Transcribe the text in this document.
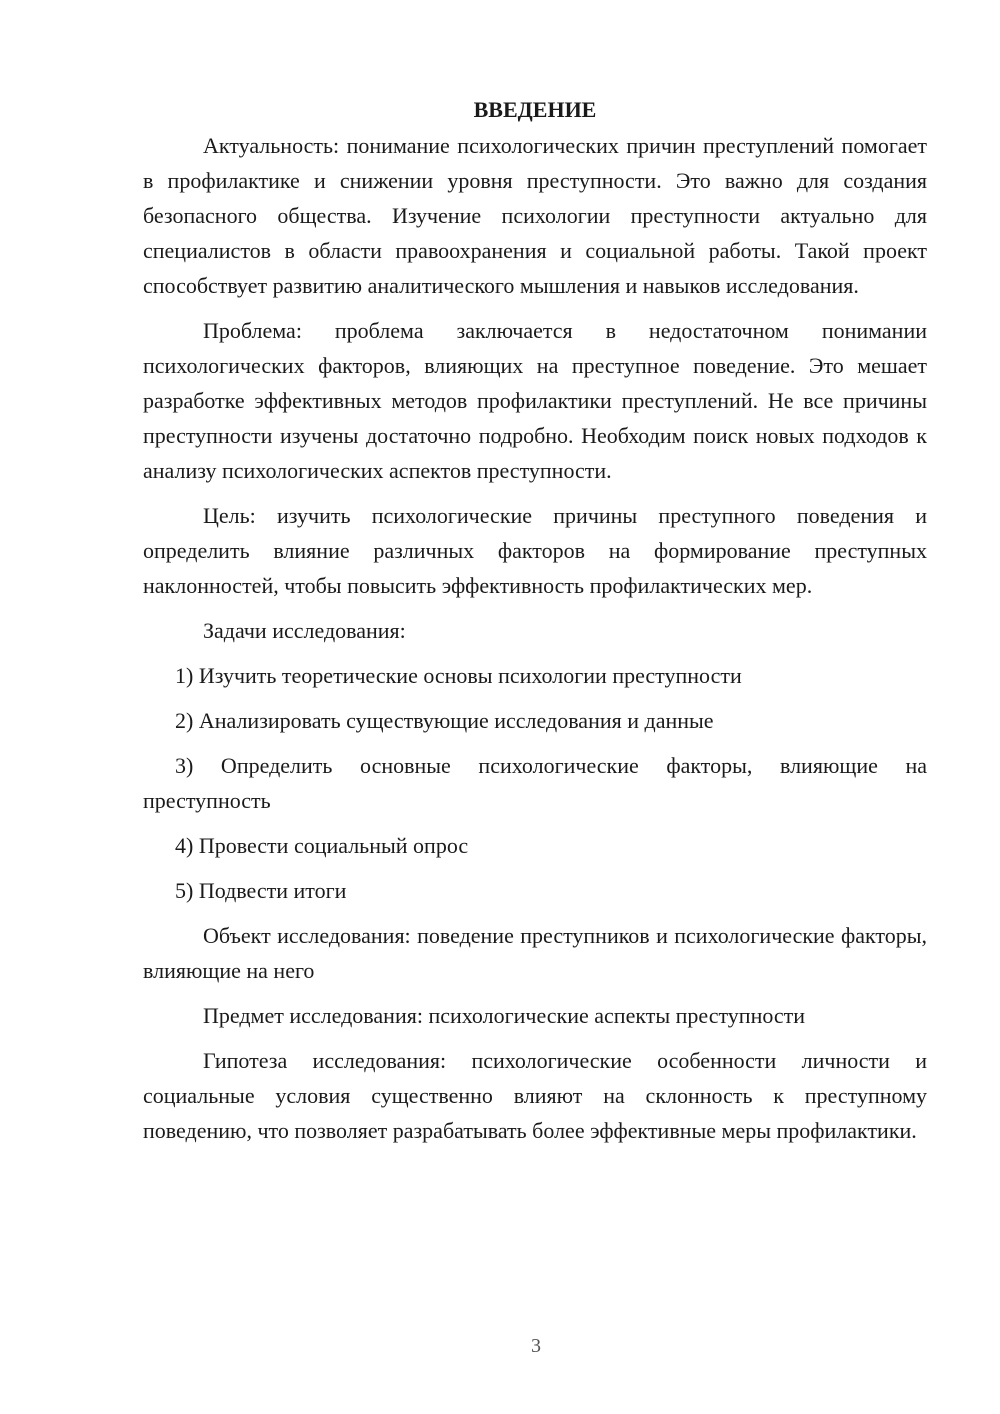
ВВЕДЕНИЕ

Актуальность: понимание психологических причин преступлений помогает в профилактике и снижении уровня преступности. Это важно для создания безопасного общества. Изучение психологии преступности актуально для специалистов в области правоохранения и социальной работы. Такой проект способствует развитию аналитического мышления и навыков исследования.

Проблема: проблема заключается в недостаточном понимании психологических факторов, влияющих на преступное поведение. Это мешает разработке эффективных методов профилактики преступлений. Не все причины преступности изучены достаточно подробно. Необходим поиск новых подходов к анализу психологических аспектов преступности.

Цель: изучить психологические причины преступного поведения и определить влияние различных факторов на формирование преступных наклонностей, чтобы повысить эффективность профилактических мер.

Задачи исследования:

1) Изучить теоретические основы психологии преступности

2) Анализировать существующие исследования и данные

3) Определить основные психологические факторы, влияющие на преступность

4) Провести социальный опрос

5) Подвести итоги

Объект исследования: поведение преступников и психологические факторы, влияющие на него

Предмет исследования: психологические аспекты преступности

Гипотеза исследования: психологические особенности личности и социальные условия существенно влияют на склонность к преступному поведению, что позволяет разрабатывать более эффективные меры профилактики.

3
